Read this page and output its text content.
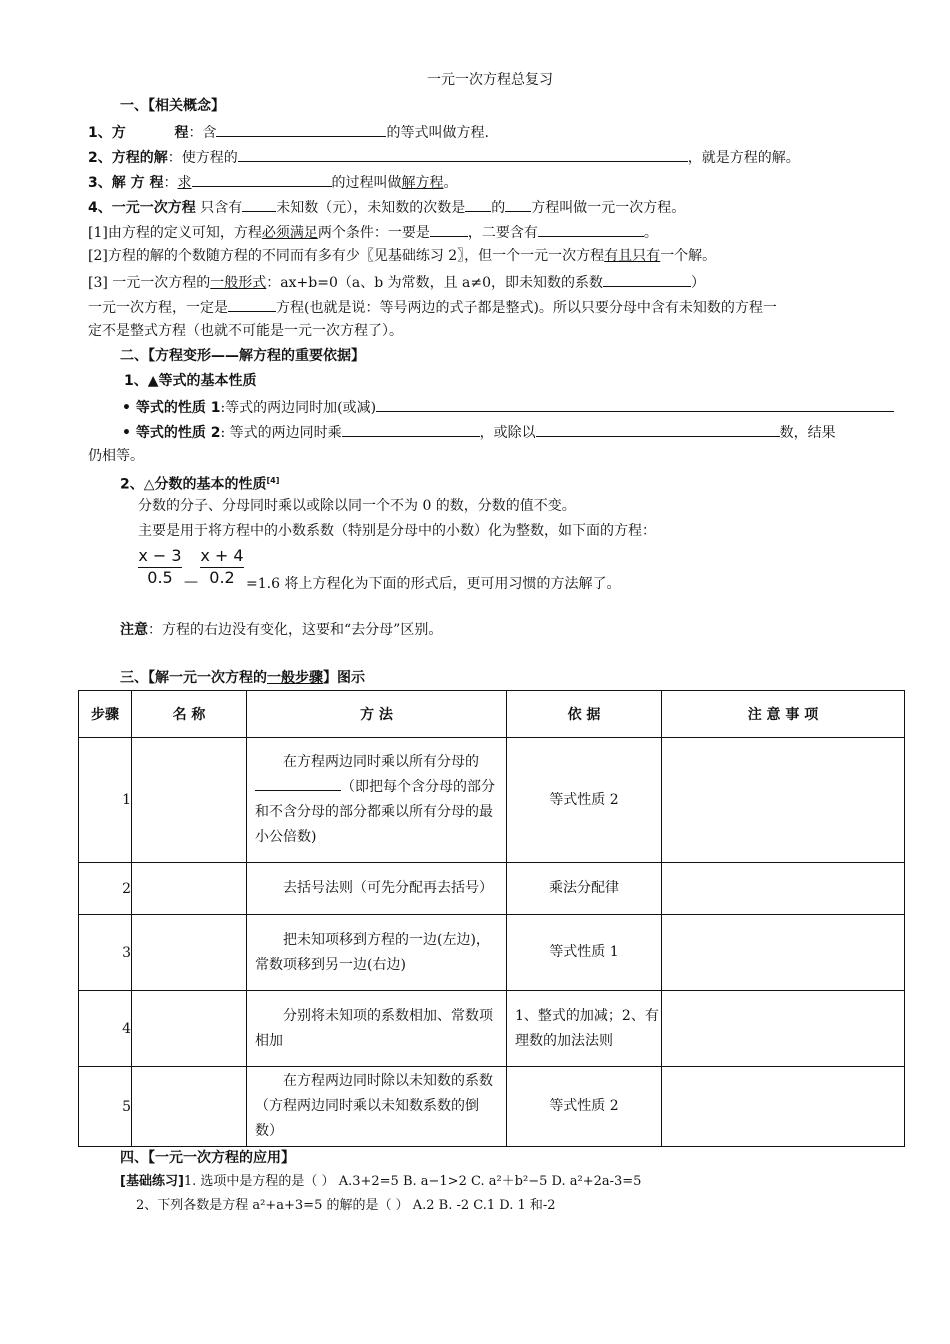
一元一次方程总复习
一、【相关概念】
1、方          程：含	的等式叫做方程.
2、方程的解：使方程的	，就是方程的解。
3、解 方 程：求	的过程叫做解方程。
4、一元一次方程 只含有 未知数（元），未知数的次数是 的 方程叫做一元一次方程。
[1]由方程的定义可知，方程必须满足两个条件：一要是	，二要含有	。
[2]方程的解的个数随方程的不同而有多有少〖见基础练习 2〗，但一个一元一次方程有且只有一个解。
[3] 一元一次方程的一般形式：ax+b=0（a、b 为常数，且 a≠0，即未知数的系数	）
一元一次方程，一定是	方程(也就是说：等号两边的式子都是整式)。所以只要分母中含有未知数的方程一
定不是整式方程（也就不可能是一元一次方程了）。
二、【方程变形——解方程的重要依据】
1、▲等式的基本性质
• 等式的性质 1:等式的两边同时加(或减)
• 等式的性质 2: 等式的两边同时乘	，或除以	数，结果
仍相等。
2、△分数的基本的性质[4]
分数的分子、分母同时乘以或除以同一个不为 0 的数，分数的值不变。
主要是用于将方程中的小数系数（特别是分母中的小数）化为整数，如下面的方程：
$\frac{x - 3}{0.5}$ — $\frac{x + 4}{0.2} =1.6$ 将上方程化为下面的形式后，更可用习惯的方法解了。
注意：方程的右边没有变化，这要和“去分母”区别。
三、【解一元一次方程的一般步骤】图示
步骤	名 称	方 法	依 据	注 意 事 项
1		在方程两边同时乘以所有分母的（即把每个含分母的部分和不含分母的部分都乘以所有分母的最小公倍数)	等式性质 2	
2		去括号法则（可先分配再去括号）	乘法分配律	
3		把未知项移到方程的一边(左边)，常数项移到另一边(右边)	等式性质 1	
4		分别将未知项的系数相加、常数项相加	1、整式的加减；2、有理数的加法法则	
5		在方程两边同时除以未知数的系数（方程两边同时乘以未知数系数的倒数）	等式性质 2	
四、【一元一次方程的应用】
[基础练习]1. 选项中是方程的是（ ） A.3+2=5 B. a−1>2 C. a²＋b²−5 D. a²+2a-3=5
2、下列各数是方程 a²+a+3=5 的解的是（ ） A.2 B. -2 C.1 D. 1 和-2
